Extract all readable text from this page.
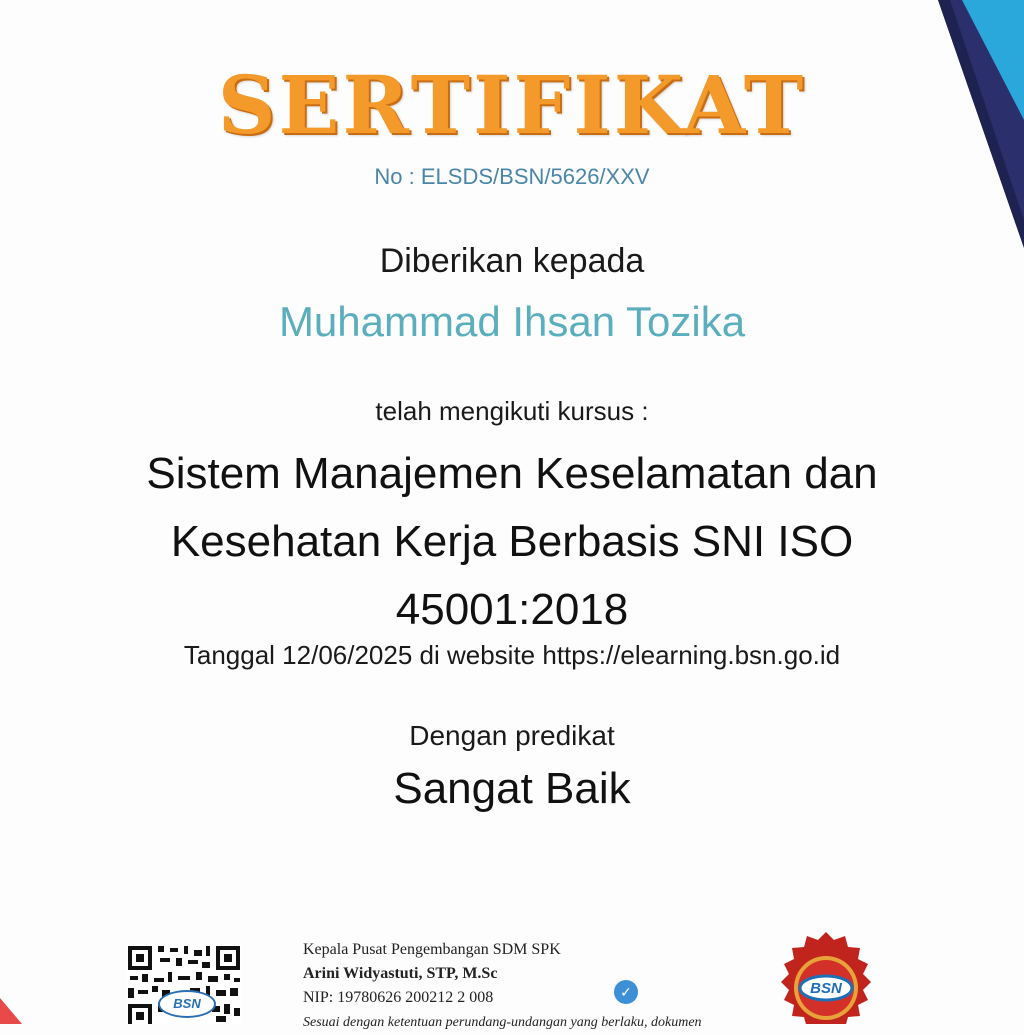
SERTIFIKAT
No : ELSDS/BSN/5626/XXV
Diberikan kepada
Muhammad Ihsan Tozika
telah mengikuti kursus :
Sistem Manajemen Keselamatan dan
Kesehatan Kerja Berbasis SNI ISO
45001:2018
Tanggal 12/06/2025 di website https://elearning.bsn.go.id
Dengan predikat
Sangat Baik
BSN
Kepala Pusat Pengembangan SDM SPK
Arini Widyastuti, STP, M.Sc
NIP: 19780626 200212 2 008
Sesuai dengan ketentuan perundang-undangan yang berlaku, dokumen
✓	BSN
